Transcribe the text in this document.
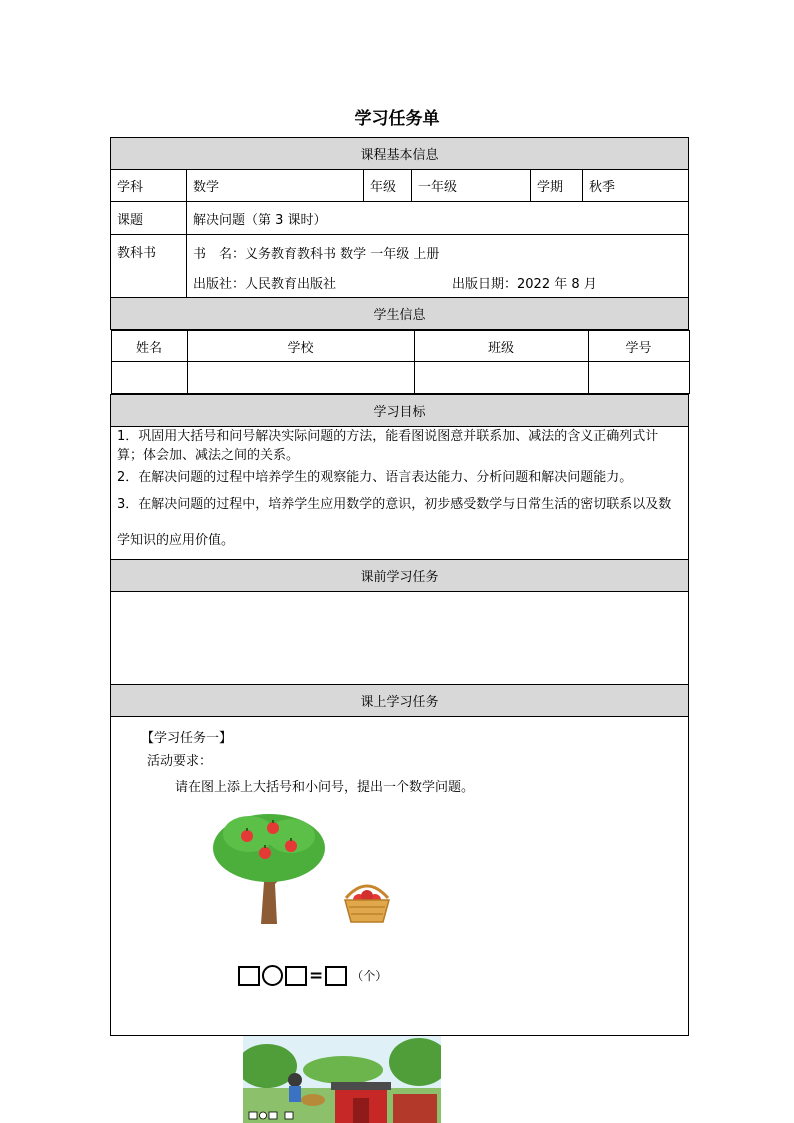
学习任务单
课程基本信息
学科	数学	年级	一年级	学期	秋季
课题	解决问题（第 3 课时）
教科书	书　名：义务教育教科书 数学 一年级 上册
出版社：人民教育出版社	出版日期：2022 年 8 月

学生信息

姓名	学校	班级	学号

学习目标

1．巩固用大括号和问号解决实际问题的方法，能看图说图意并联系加、减法的含义正确列式计算；体会加、减法之间的关系。

2．在解决问题的过程中培养学生的观察能力、语言表达能力、分析问题和解决问题能力。

3．在解决问题的过程中，培养学生应用数学的意识，初步感受数学与日常生活的密切联系以及数学知识的应用价值。

课前学习任务

课上学习任务

【学习任务一】
活动要求：
请在图上添上大括号和小问号，提出一个数学问题。
= （个）
